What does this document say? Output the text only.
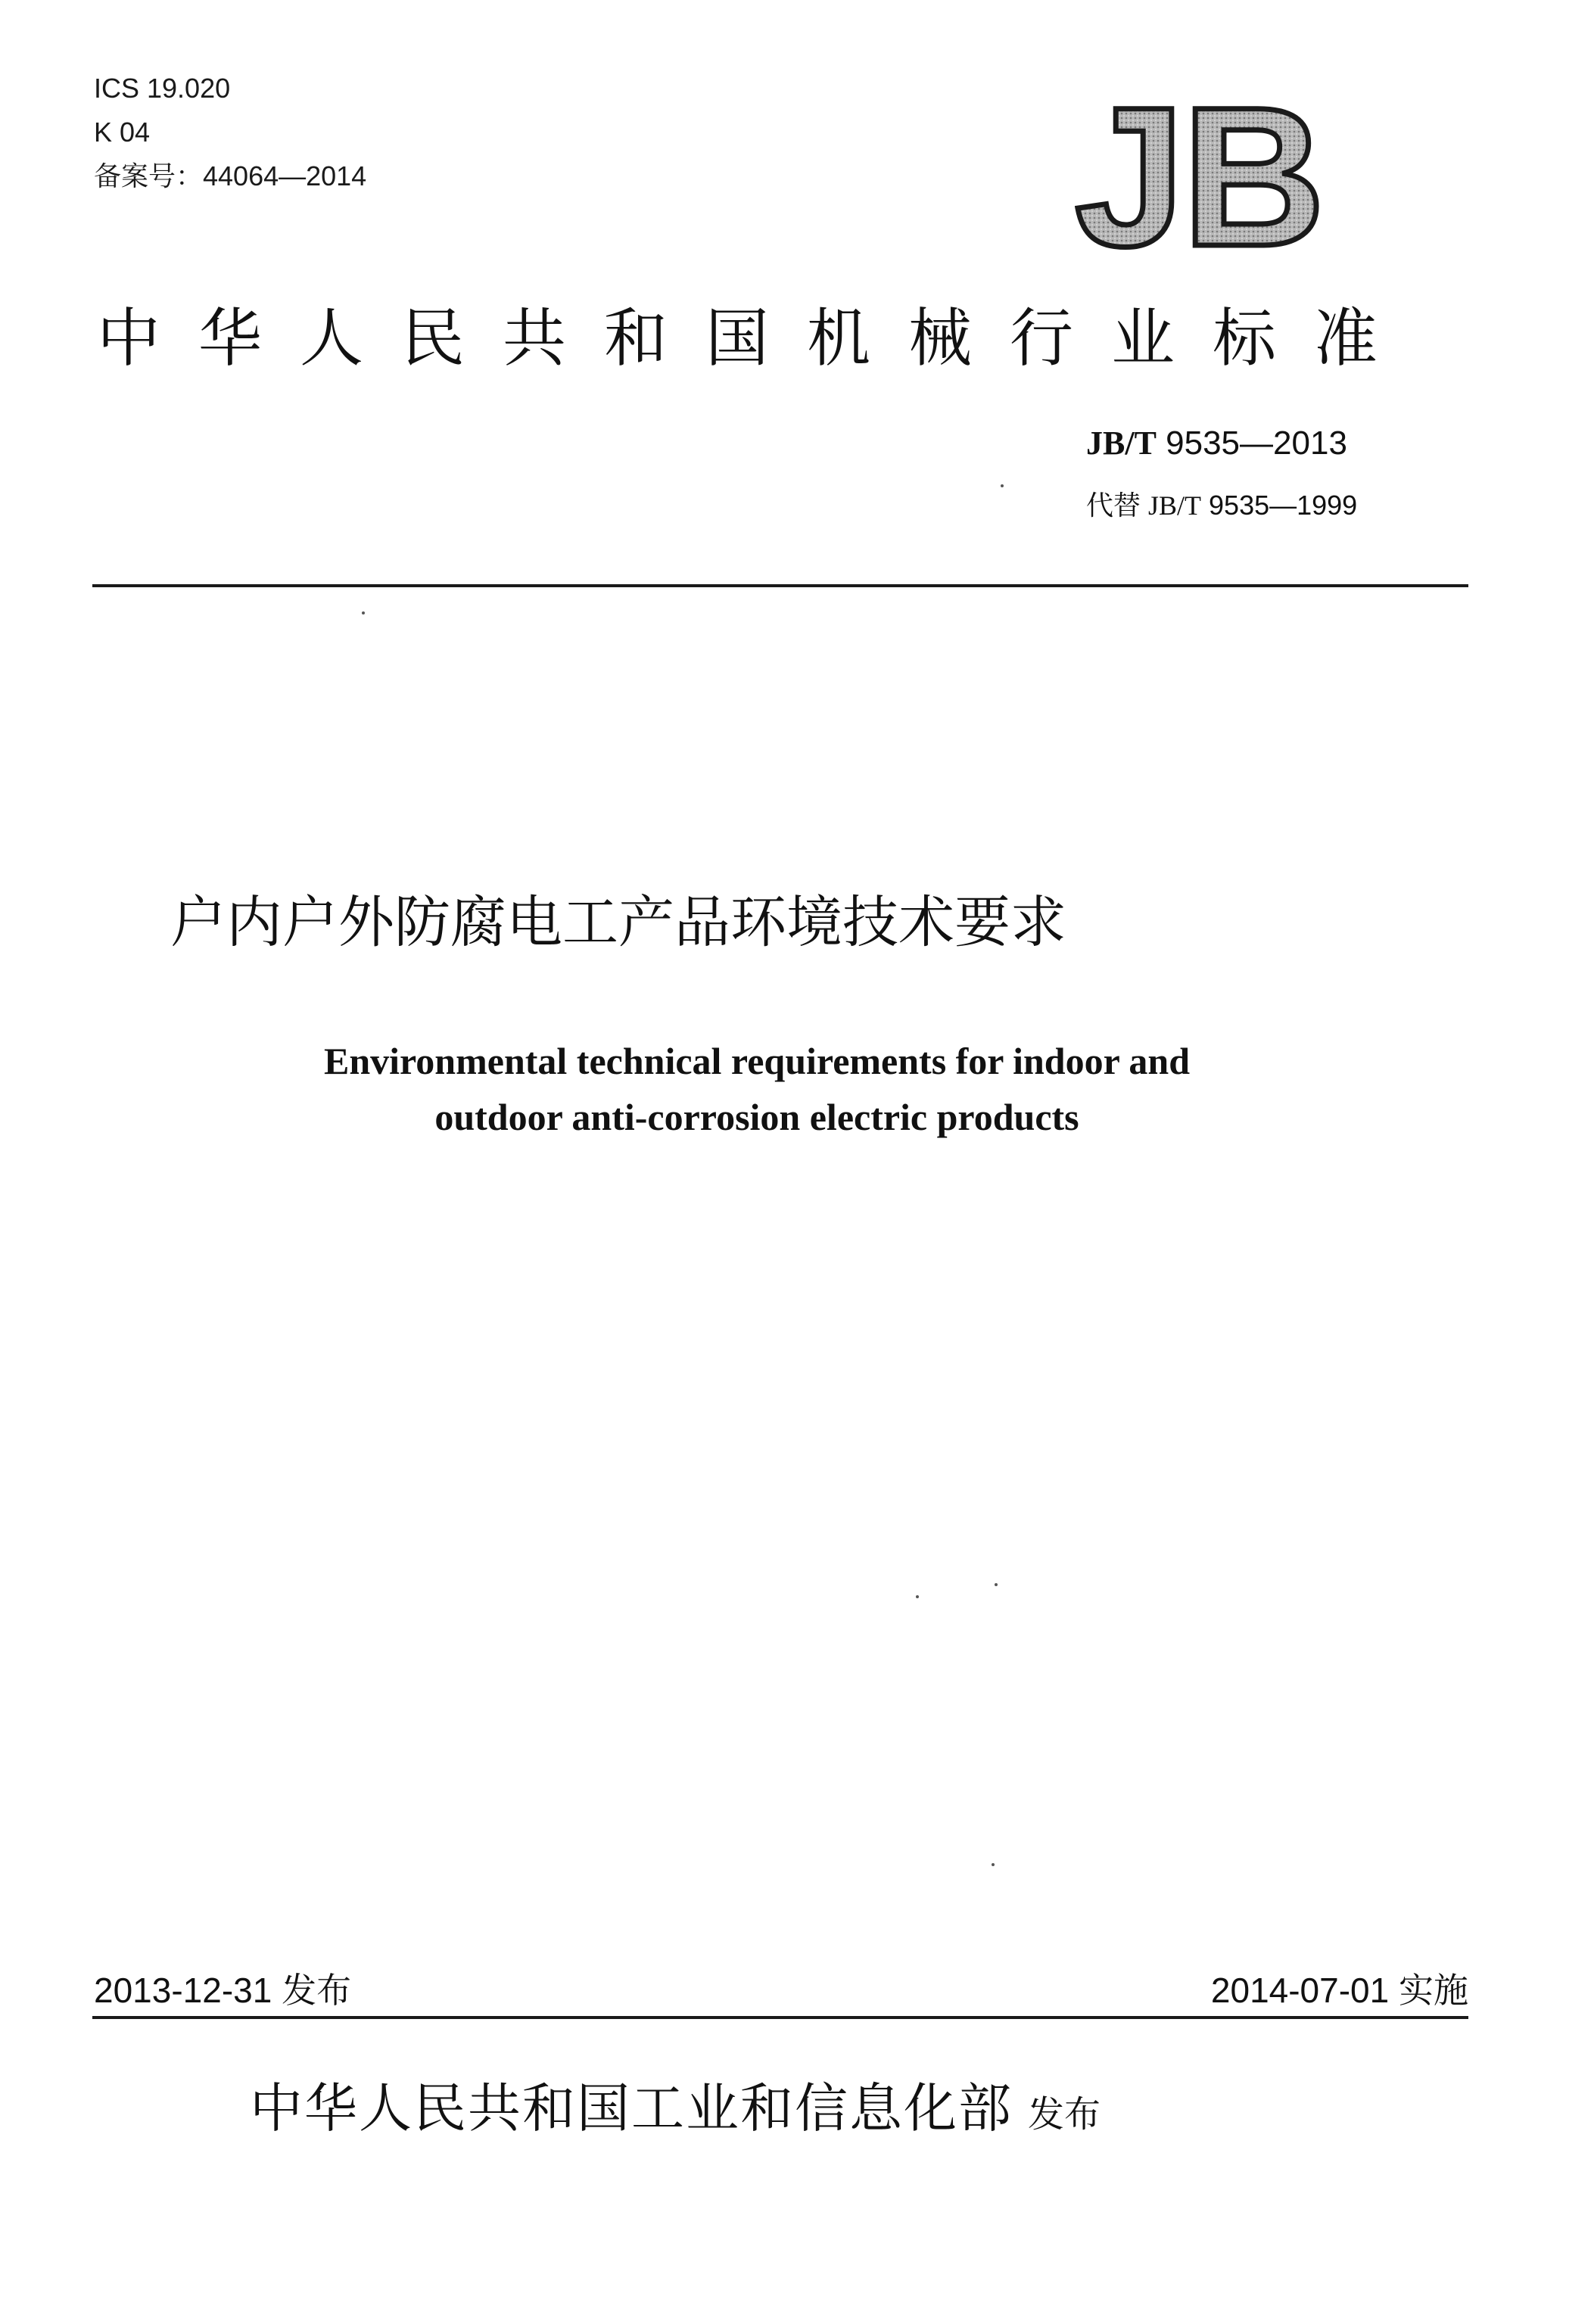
ICS 19.020
K 04
备案号：44064—2014	JB
中华人民共和国机械行业标准
JB/T 9535—2013
代替 JB/T 9535—1999
户内户外防腐电工产品环境技术要求
Environmental technical requirements for indoor and
outdoor anti-corrosion electric products
2013-12-31 发布	2014-07-01 实施
中华人民共和国工业和信息化部 发布
